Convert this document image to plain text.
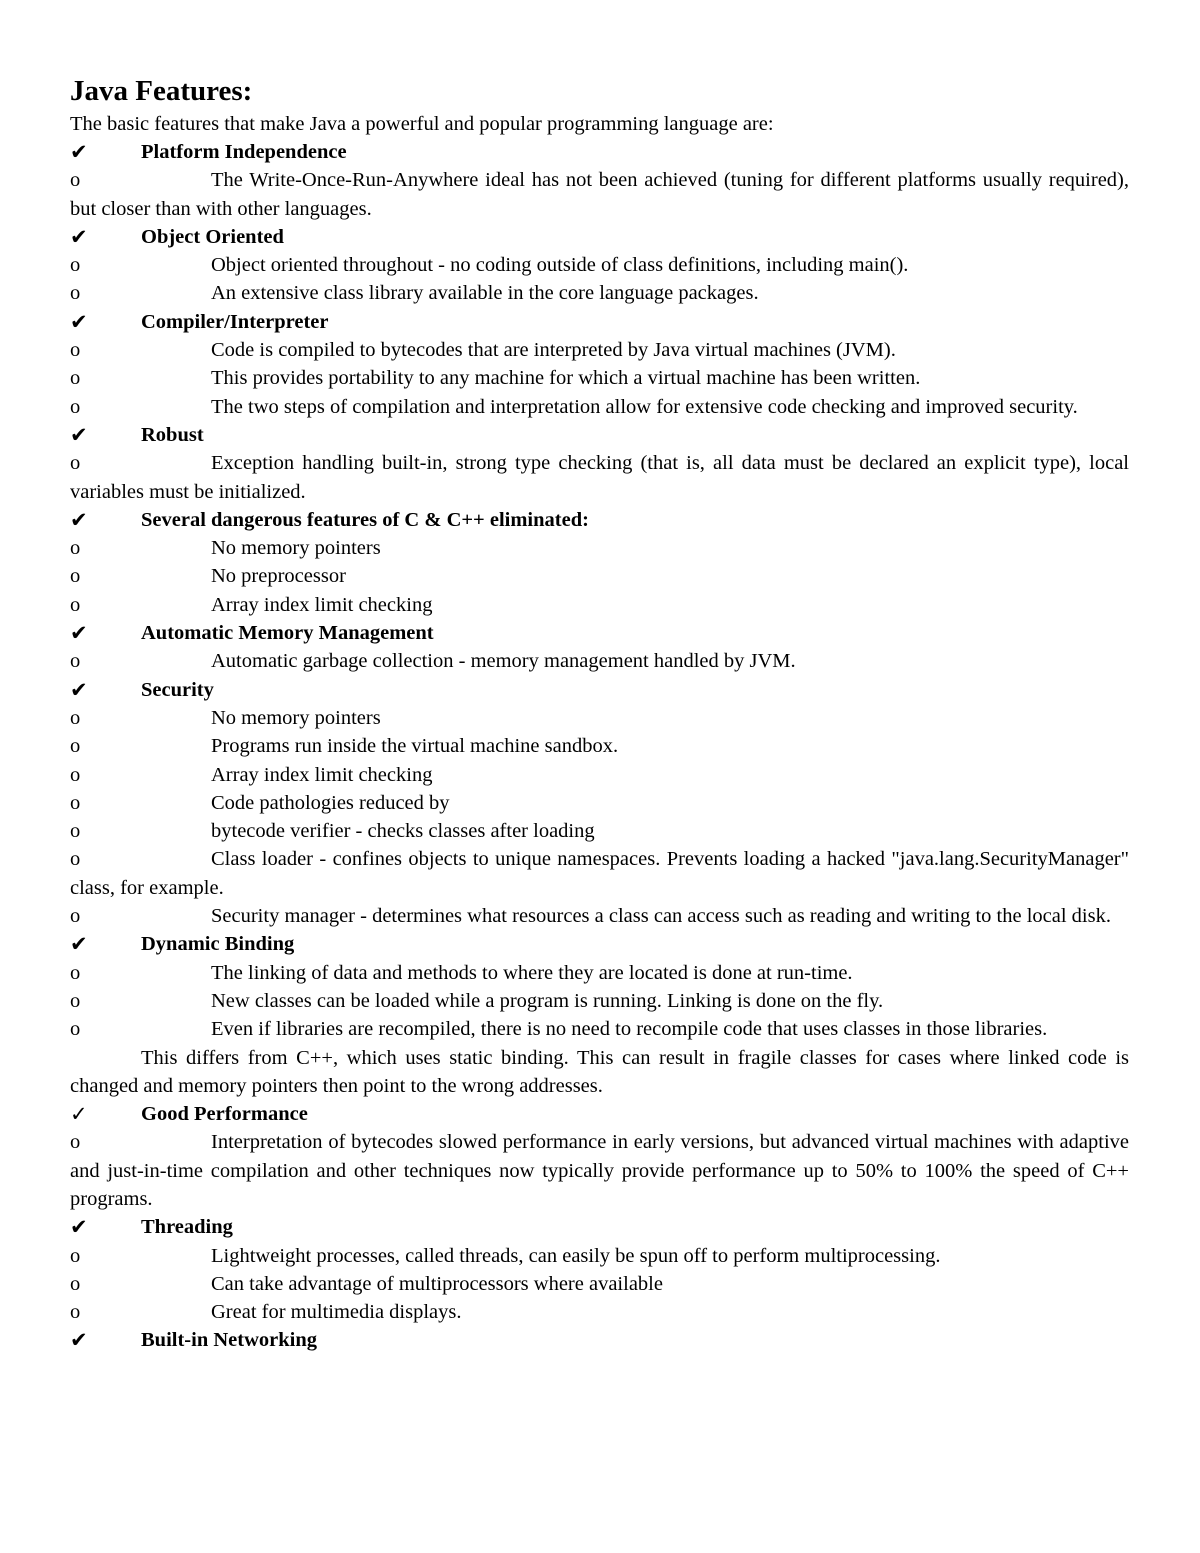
Java Features:

The basic features that make Java a powerful and popular programming language are:

✔	Platform Independence
o	The Write-Once-Run-Anywhere ideal has not been achieved (tuning for different platforms usually required), but closer than with other languages.
✔	Object Oriented
o	Object oriented throughout - no coding outside of class definitions, including main().
o	An extensive class library available in the core language packages.
✔	Compiler/Interpreter
o	Code is compiled to bytecodes that are interpreted by Java virtual machines (JVM).
o	This provides portability to any machine for which a virtual machine has been written.
o	The two steps of compilation and interpretation allow for extensive code checking and improved security.
✔	Robust
o	Exception handling built-in, strong type checking (that is, all data must be declared an explicit type), local variables must be initialized.
✔	Several dangerous features of C & C++ eliminated:
o	No memory pointers
o	No preprocessor
o	Array index limit checking
✔	Automatic Memory Management
o	Automatic garbage collection - memory management handled by JVM.
✔	Security
o	No memory pointers
o	Programs run inside the virtual machine sandbox.
o	Array index limit checking
o	Code pathologies reduced by
o	bytecode verifier - checks classes after loading
o	Class loader - confines objects to unique namespaces. Prevents loading a hacked "java.lang.SecurityManager" class, for example.
o	Security manager - determines what resources a class can access such as reading and writing to the local disk.
✔	Dynamic Binding
o	The linking of data and methods to where they are located is done at run-time.
o	New classes can be loaded while a program is running. Linking is done on the fly.
o	Even if libraries are recompiled, there is no need to recompile code that uses classes in those libraries.
This differs from C++, which uses static binding. This can result in fragile classes for cases where linked code is changed and memory pointers then point to the wrong addresses.
✓	Good Performance
o	Interpretation of bytecodes slowed performance in early versions, but advanced virtual machines with adaptive and just-in-time compilation and other techniques now typically provide performance up to 50% to 100% the speed of C++ programs.
✔	Threading
o	Lightweight processes, called threads, can easily be spun off to perform multiprocessing.
o	Can take advantage of multiprocessors where available
o	Great for multimedia displays.
✔	Built-in Networking
